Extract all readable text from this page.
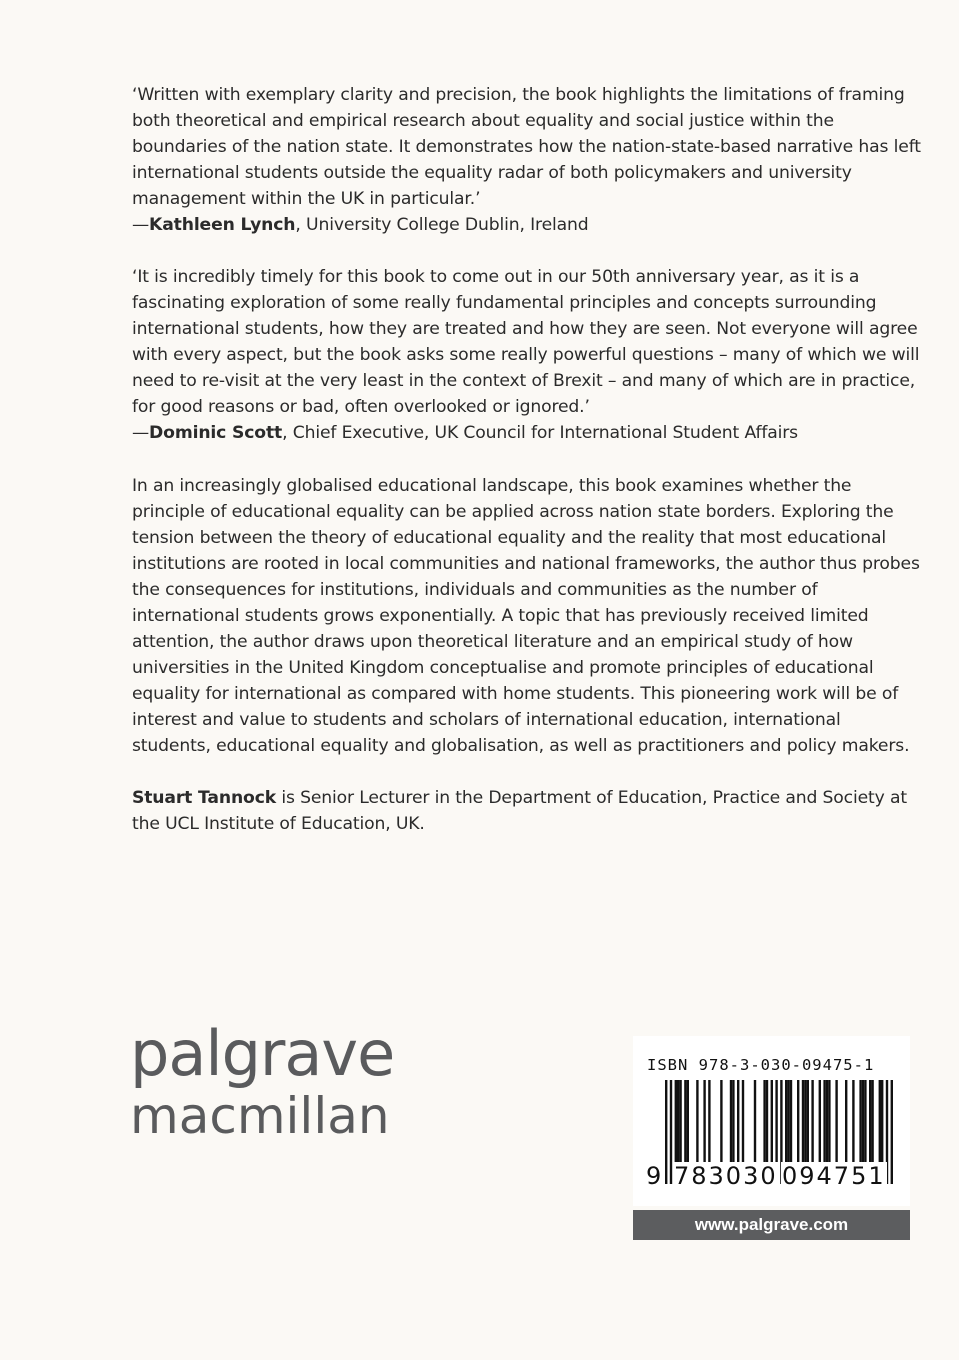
‘Written with exemplary clarity and precision, the book highlights the limitations of framing both theoretical and empirical research about equality and social justice within the boundaries of the nation state. It demonstrates how the nation-state-based narrative has left international students outside the equality radar of both policymakers and university management within the UK in particular.’

—Kathleen Lynch, University College Dublin, Ireland

‘It is incredibly timely for this book to come out in our 50th anniversary year, as it is a fascinating exploration of some really fundamental principles and concepts surrounding international students, how they are treated and how they are seen. Not everyone will agree with every aspect, but the book asks some really powerful questions – many of which we will need to re-visit at the very least in the context of Brexit – and many of which are in practice, for good reasons or bad, often overlooked or ignored.’

—Dominic Scott, Chief Executive, UK Council for International Student Affairs

In an increasingly globalised educational landscape, this book examines whether the principle of educational equality can be applied across nation state borders. Exploring the tension between the theory of educational equality and the reality that most educational institutions are rooted in local communities and national frameworks, the author thus probes the consequences for institutions, individuals and communities as the number of international students grows exponentially. A topic that has previously received limited attention, the author draws upon theoretical literature and an empirical study of how universities in the United Kingdom conceptualise and promote principles of educational equality for international as compared with home students. This pioneering work will be of interest and value to students and scholars of international education, international students, educational equality and globalisation, as well as practitioners and policy makers.

Stuart Tannock is Senior Lecturer in the Department of Education, Practice and Society at the UCL Institute of Education, UK.

palgrave
macmillan
ISBN 978-3-030-09475-1
9 783030 094751
www.palgrave.com
